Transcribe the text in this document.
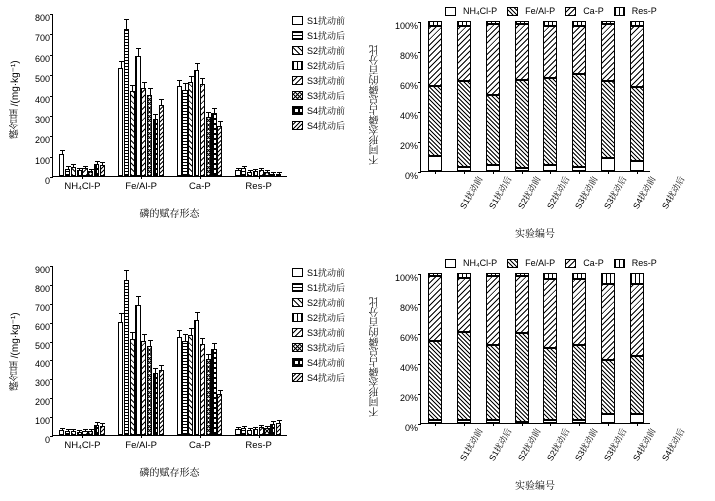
磷含量 /(mg·kg⁻¹)
0
100
200
300
400
500
600
700
800
NH₄Cl-P	Fe/Al-P	Ca-P	Res-P
磷的赋存形态
S1扰动前
S1扰动后
S2扰动前
S2扰动后
S3扰动前
S3扰动后
S4扰动前
S4扰动后
NH₄Cl-P	Fe/Al-P	Ca-P	Res-P
不同形态磷占总磷的百分比
0%
20%
40%
60%
80%
100%
S1扰动前 S1扰动后 S2扰动前 S2扰动后 S3扰动前 S3扰动后 S4扰动前 S4扰动后
实验编号
磷含量 /(mg·kg⁻¹)
0
100
200
300
400
500
600
700
800
900
NH₄Cl-P	Fe/Al-P	Ca-P	Res-P
磷的赋存形态
S1扰动前
S1扰动后
S2扰动前
S2扰动后
S3扰动前
S3扰动后
S4扰动前
S4扰动后
NH₄Cl-P	Fe/Al-P	Ca-P	Res-P
不同形态磷占总磷的百分比
0%
20%
40%
60%
80%
100%
S1扰动前 S1扰动后 S2扰动前 S2扰动后 S3扰动前 S3扰动后 S4扰动前 S4扰动后
实验编号
